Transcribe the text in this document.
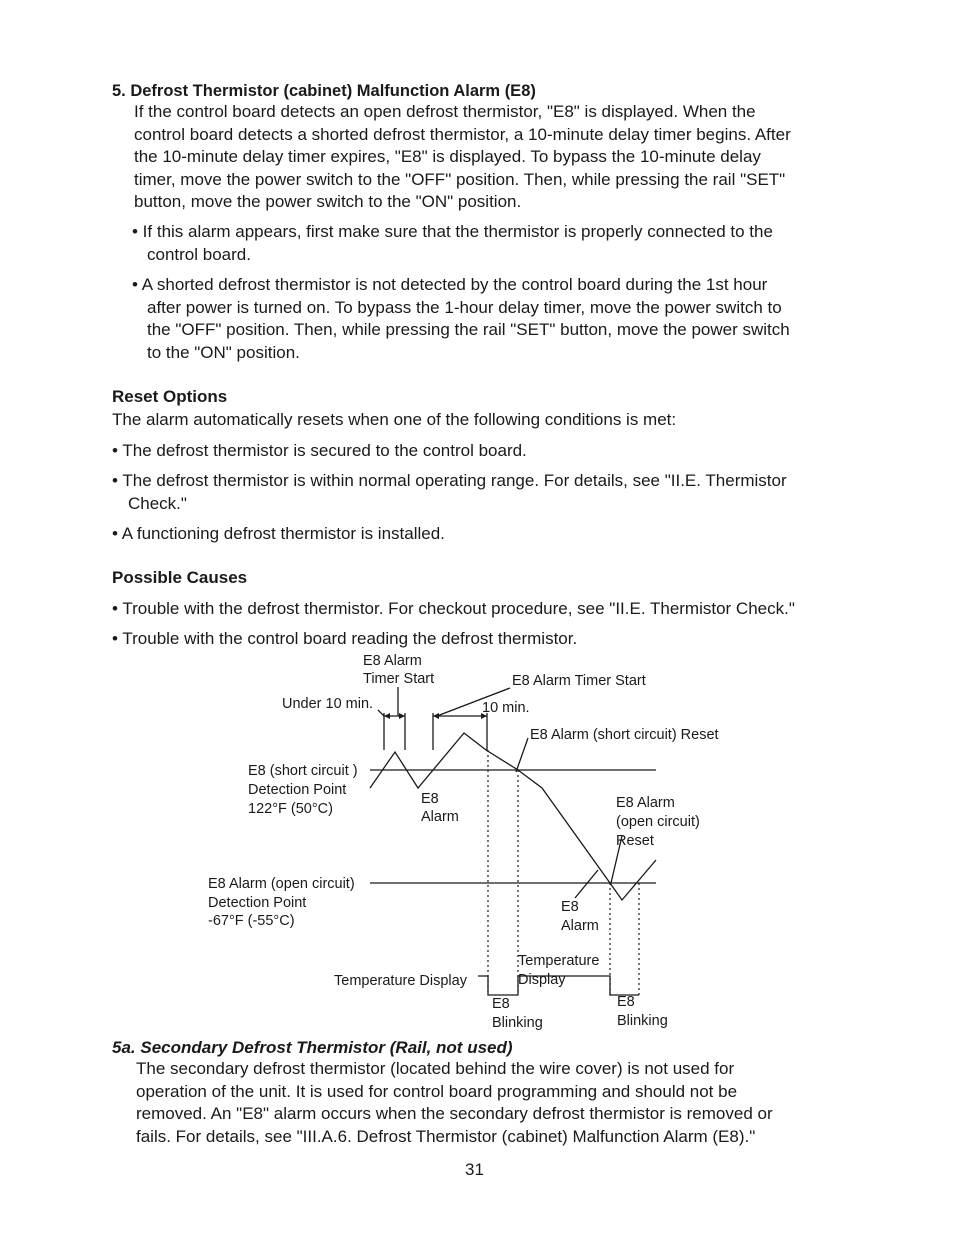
5. Defrost Thermistor (cabinet) Malfunction Alarm (E8)
If the control board detects an open defrost thermistor, "E8" is displayed. When the
control board detects a shorted defrost thermistor, a 10-minute delay timer begins. After
the 10-minute delay timer expires, "E8" is displayed. To bypass the 10-minute delay
timer, move the power switch to the "OFF" position. Then, while pressing the rail "SET"
button, move the power switch to the "ON" position.
• If this alarm appears, first make sure that the thermistor is properly connected to the
control board.
• A shorted defrost thermistor is not detected by the control board during the 1st hour
after power is turned on. To bypass the 1-hour delay timer, move the power switch to
the "OFF" position. Then, while pressing the rail "SET" button, move the power switch
to the "ON" position.
Reset Options
The alarm automatically resets when one of the following conditions is met:
• The defrost thermistor is secured to the control board.
• The defrost thermistor is within normal operating range. For details, see "II.E. Thermistor
Check."
• A functioning defrost thermistor is installed.
Possible Causes
• Trouble with the defrost thermistor. For checkout procedure, see "II.E. Thermistor Check."
• Trouble with the control board reading the defrost thermistor.
E8 Alarm
Timer Start	E8 Alarm Timer Start
Under 10 min.	10 min.
E8 Alarm (short circuit) Reset
E8 (short circuit )
Detection Point
122°F (50°C)
E8
Alarm
E8 Alarm
(open circuit)
Reset
E8 Alarm (open circuit)
Detection Point
-67°F (-55°C)
E8
Alarm
Temperature Display
Temperature
Display
E8
Blinking
E8
Blinking
5a. Secondary Defrost Thermistor (Rail, not used)
The secondary defrost thermistor (located behind the wire cover) is not used for
operation of the unit. It is used for control board programming and should not be
removed. An "E8" alarm occurs when the secondary defrost thermistor is removed or
fails. For details, see "III.A.6. Defrost Thermistor (cabinet) Malfunction Alarm (E8)."
31
